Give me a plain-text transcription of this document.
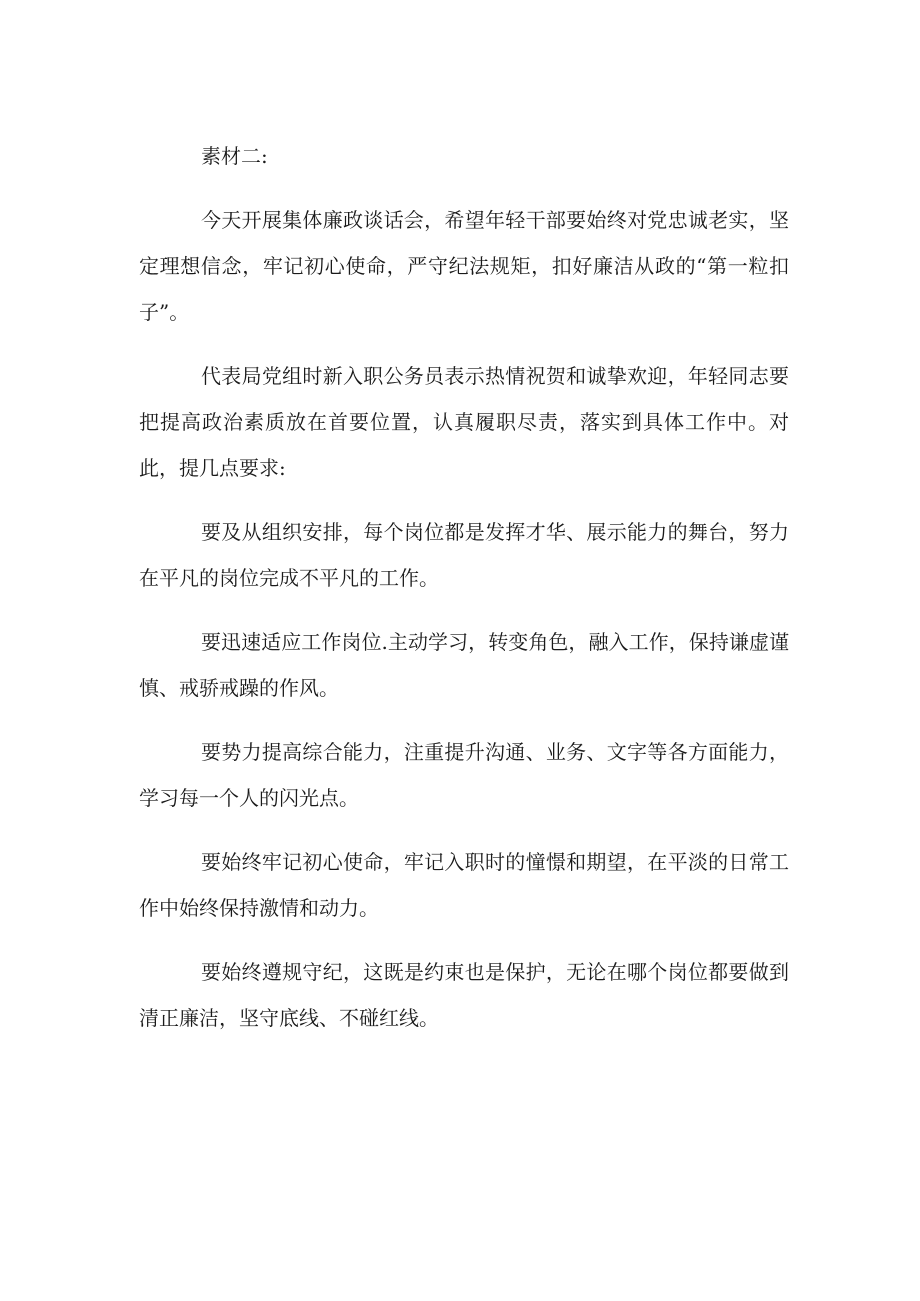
素材二:

今天开展集体廉政谈话会，希望年轻干部要始终对党忠诚老实，坚定理想信念，牢记初心使命，严守纪法规矩，扣好廉洁从政的“第一粒扣子”。

代表局党组时新入职公务员表示热情祝贺和诚挚欢迎，年轻同志要把提高政治素质放在首要位置，认真履职尽责，落实到具体工作中。对此，提几点要求:

要及从组织安排，每个岗位都是发挥才华、展示能力的舞台，努力在平凡的岗位完成不平凡的工作。

要迅速适应工作岗位.主动学习，转变角色，融入工作，保持谦虚谨慎、戒骄戒躁的作风。

要势力提高综合能力，注重提升沟通、业务、文字等各方面能力，学习每一个人的闪光点。

要始终牢记初心使命，牢记入职时的憧憬和期望，在平淡的日常工作中始终保持激情和动力。

要始终遵规守纪，这既是约束也是保护，无论在哪个岗位都要做到清正廉洁，坚守底线、不碰红线。
